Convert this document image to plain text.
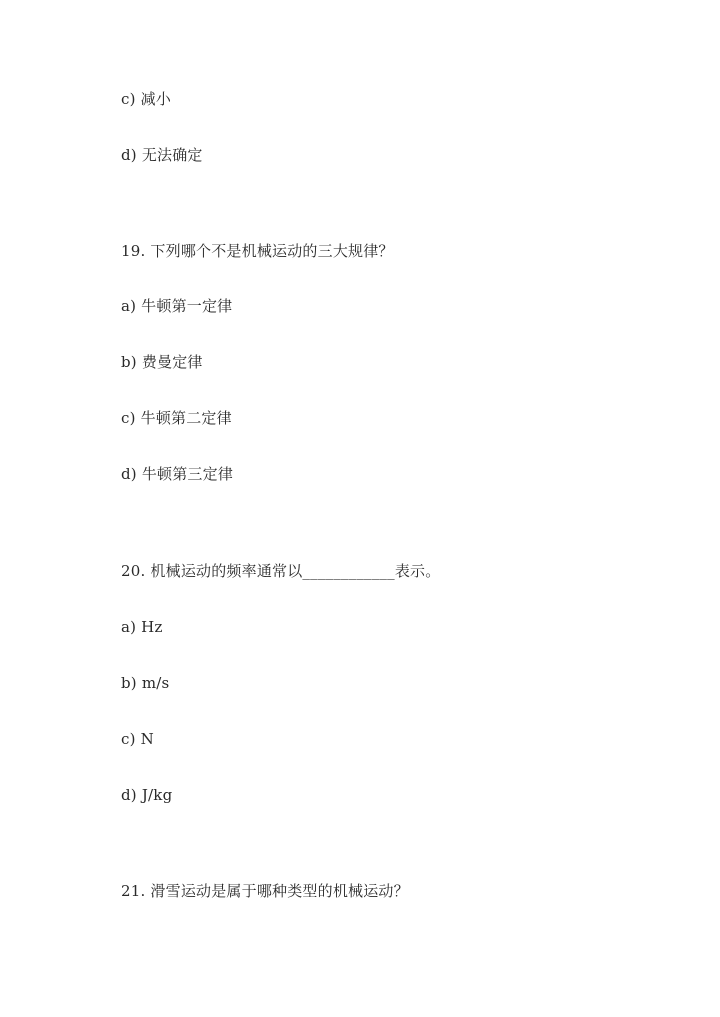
c) 减小
d) 无法确定
19. 下列哪个不是机械运动的三大规律？
a) 牛顿第一定律
b) 费曼定律
c) 牛顿第二定律
d) 牛顿第三定律
20. 机械运动的频率通常以____________表示。
a) Hz
b) m/s
c) N
d) J/kg
21. 滑雪运动是属于哪种类型的机械运动？
